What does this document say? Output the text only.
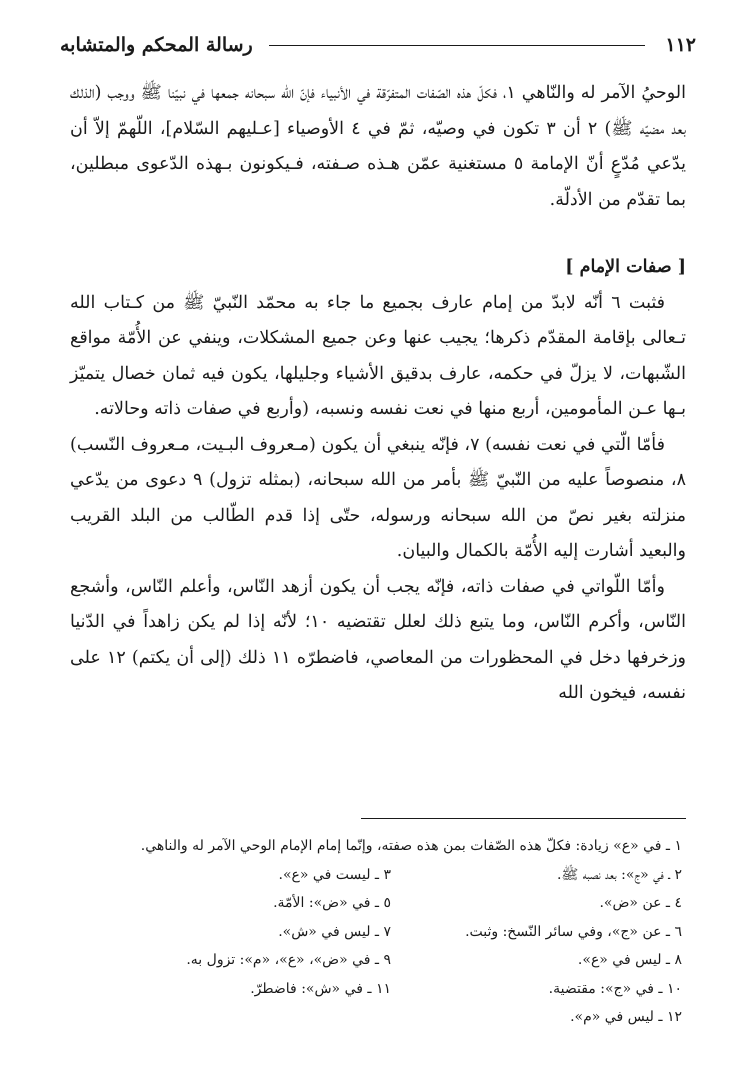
١١٢
رسالة المحكم والمتشابه

الوحيُ الآمر له والنّاهي ١، فكلّ هذه الصّفات المتفرّقة في الأنبياء فإنّ الله سبحانه جمعها في نبيّنا ﷺ ووجب (الذلك بعد مضيّه ﷺ) ٢ أن ٣ تكون في وصيّه، ثمّ في ٤ الأوصياء [عـليهم السّلام]، اللّهمّ إلاّ أن يدّعي مُدّعٍ أنّ الإمامة ٥ مستغنية عمّن هـذه صـفته، فـيكونون بـهذه الدّعوى مبطلين، بما تقدّم من الأدلّة.

[ صفات الإمام ]

فثبت ٦ أنّه لابدّ من إمام عارف بجميع ما جاء به محمّد النّبيّ ﷺ من كـتاب الله تـعالى بإقامة المقدّم ذكرها؛ يجيب عنها وعن جميع المشكلات، وينفي عن الأُمّة مواقع الشّبهات، لا يزلّ في حكمه، عارف بدقيق الأشياء وجليلها، يكون فيه ثمان خصال يتميّز بـها عـن المأمومين، أربع منها في نعت نفسه ونسبه، (وأربع في صفات ذاته وحالاته.

فأمّا الّتي في نعت نفسه) ٧، فإنّه ينبغي أن يكون (مـعروف البـيت، مـعروف النّسب) ٨، منصوصاً عليه من النّبيّ ﷺ بأمر من الله سبحانه، (بمثله تزول) ٩ دعوى من يدّعي منزلته بغير نصّ من الله سبحانه ورسوله، حتّى إذا قدم الطّالب من البلد القريب والبعيد أشارت إليه الأُمّة بالكمال والبيان.

وأمّا اللّواتي في صفات ذاته، فإنّه يجب أن يكون أزهد النّاس، وأعلم النّاس، وأشجع النّاس، وأكرم النّاس، وما يتبع ذلك لعلل تقتضيه ١٠؛ لأنّه إذا لم يكن زاهداً في الدّنيا وزخرفها دخل في المحظورات من المعاصي، فاضطرّه ١١ ذلك (إلى أن يكتم) ١٢ على نفسه، فيخون الله

١ ـ في «ع» زيادة: فكلّ هذه الصّفات بمن هذه صفته، وإنّما إمام الإمام الوحي الآمر له والناهي.

٢ ـ في «ج»: بعد نصبه ﷺ.

٣ ـ ليست في «ع».

٤ ـ عن «ض».

٥ ـ في «ض»: الأمّة.

٦ ـ عن «ج»، وفي سائر النّسخ: وثبت.

٧ ـ ليس في «ش».

٨ ـ ليس في «ع».

٩ ـ في «ض»، «ع»، «م»: تزول به.

١٠ ـ في «ج»: مقتضية.

١١ ـ في «ش»: فاضطرّ.

١٢ ـ ليس في «م».
